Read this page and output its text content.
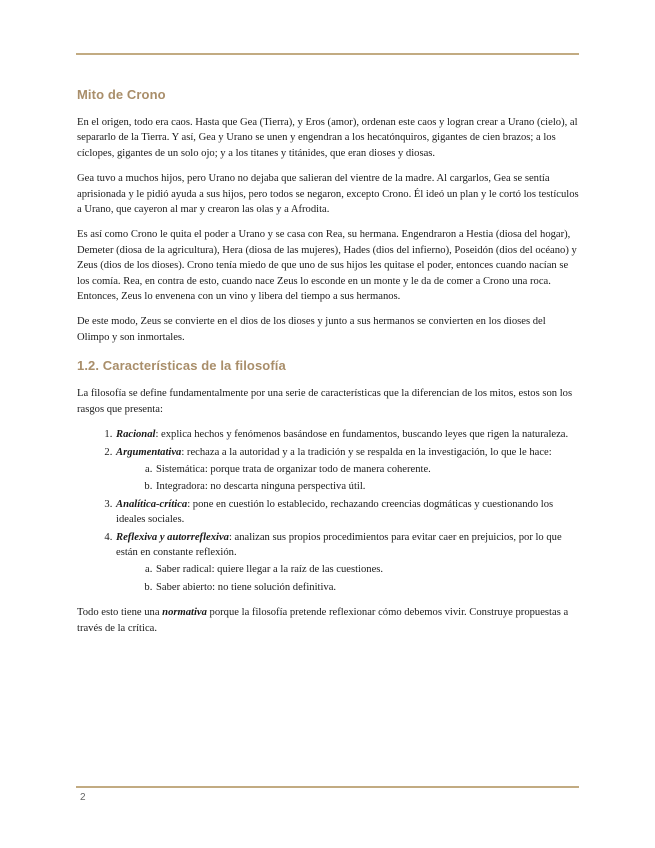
Mito de Crono

En el origen, todo era caos. Hasta que Gea (Tierra), y Eros (amor), ordenan este caos y logran crear a Urano (cielo), al separarlo de la Tierra. Y así, Gea y Urano se unen y engendran a los hecatónquiros, gigantes de cien brazos; a los cíclopes, gigantes de un solo ojo; y a los titanes y titánides, que eran dioses y diosas.

Gea tuvo a muchos hijos, pero Urano no dejaba que salieran del vientre de la madre. Al cargarlos, Gea se sentía aprisionada y le pidió ayuda a sus hijos, pero todos se negaron, excepto Crono. Él ideó un plan y le cortó los testículos a Urano, que cayeron al mar y crearon las olas y a Afrodita.

Es así como Crono le quita el poder a Urano y se casa con Rea, su hermana. Engendraron a Hestia (diosa del hogar), Demeter (diosa de la agricultura), Hera (diosa de las mujeres), Hades (dios del infierno), Poseidón (dios del océano) y Zeus (dios de los dioses). Crono tenía miedo de que uno de sus hijos les quitase el poder, entonces cuando nacían se los comía. Rea, en contra de esto, cuando nace Zeus lo esconde en un monte y le da de comer a Crono una roca. Entonces, Zeus lo envenena con un vino y libera del tiempo a sus hermanos.

De este modo, Zeus se convierte en el dios de los dioses y junto a sus hermanos se convierten en los dioses del Olimpo y son inmortales.

1.2. Características de la filosofía

La filosofía se define fundamentalmente por una serie de características que la diferencian de los mitos, estos son los rasgos que presenta:

1. Racional: explica hechos y fenómenos basándose en fundamentos, buscando leyes que rigen la naturaleza.
2. Argumentativa: rechaza a la autoridad y a la tradición y se respalda en la investigación, lo que le hace:
a. Sistemática: porque trata de organizar todo de manera coherente.
b. Integradora: no descarta ninguna perspectiva útil.
3. Analítica-crítica: pone en cuestión lo establecido, rechazando creencias dogmáticas y cuestionando los ideales sociales.
4. Reflexiva y autorreflexiva: analizan sus propios procedimientos para evitar caer en prejuicios, por lo que están en constante reflexión.
a. Saber radical: quiere llegar a la raíz de las cuestiones.
b. Saber abierto: no tiene solución definitiva.

Todo esto tiene una normativa porque la filosofía pretende reflexionar cómo debemos vivir. Construye propuestas a través de la crítica.

2
